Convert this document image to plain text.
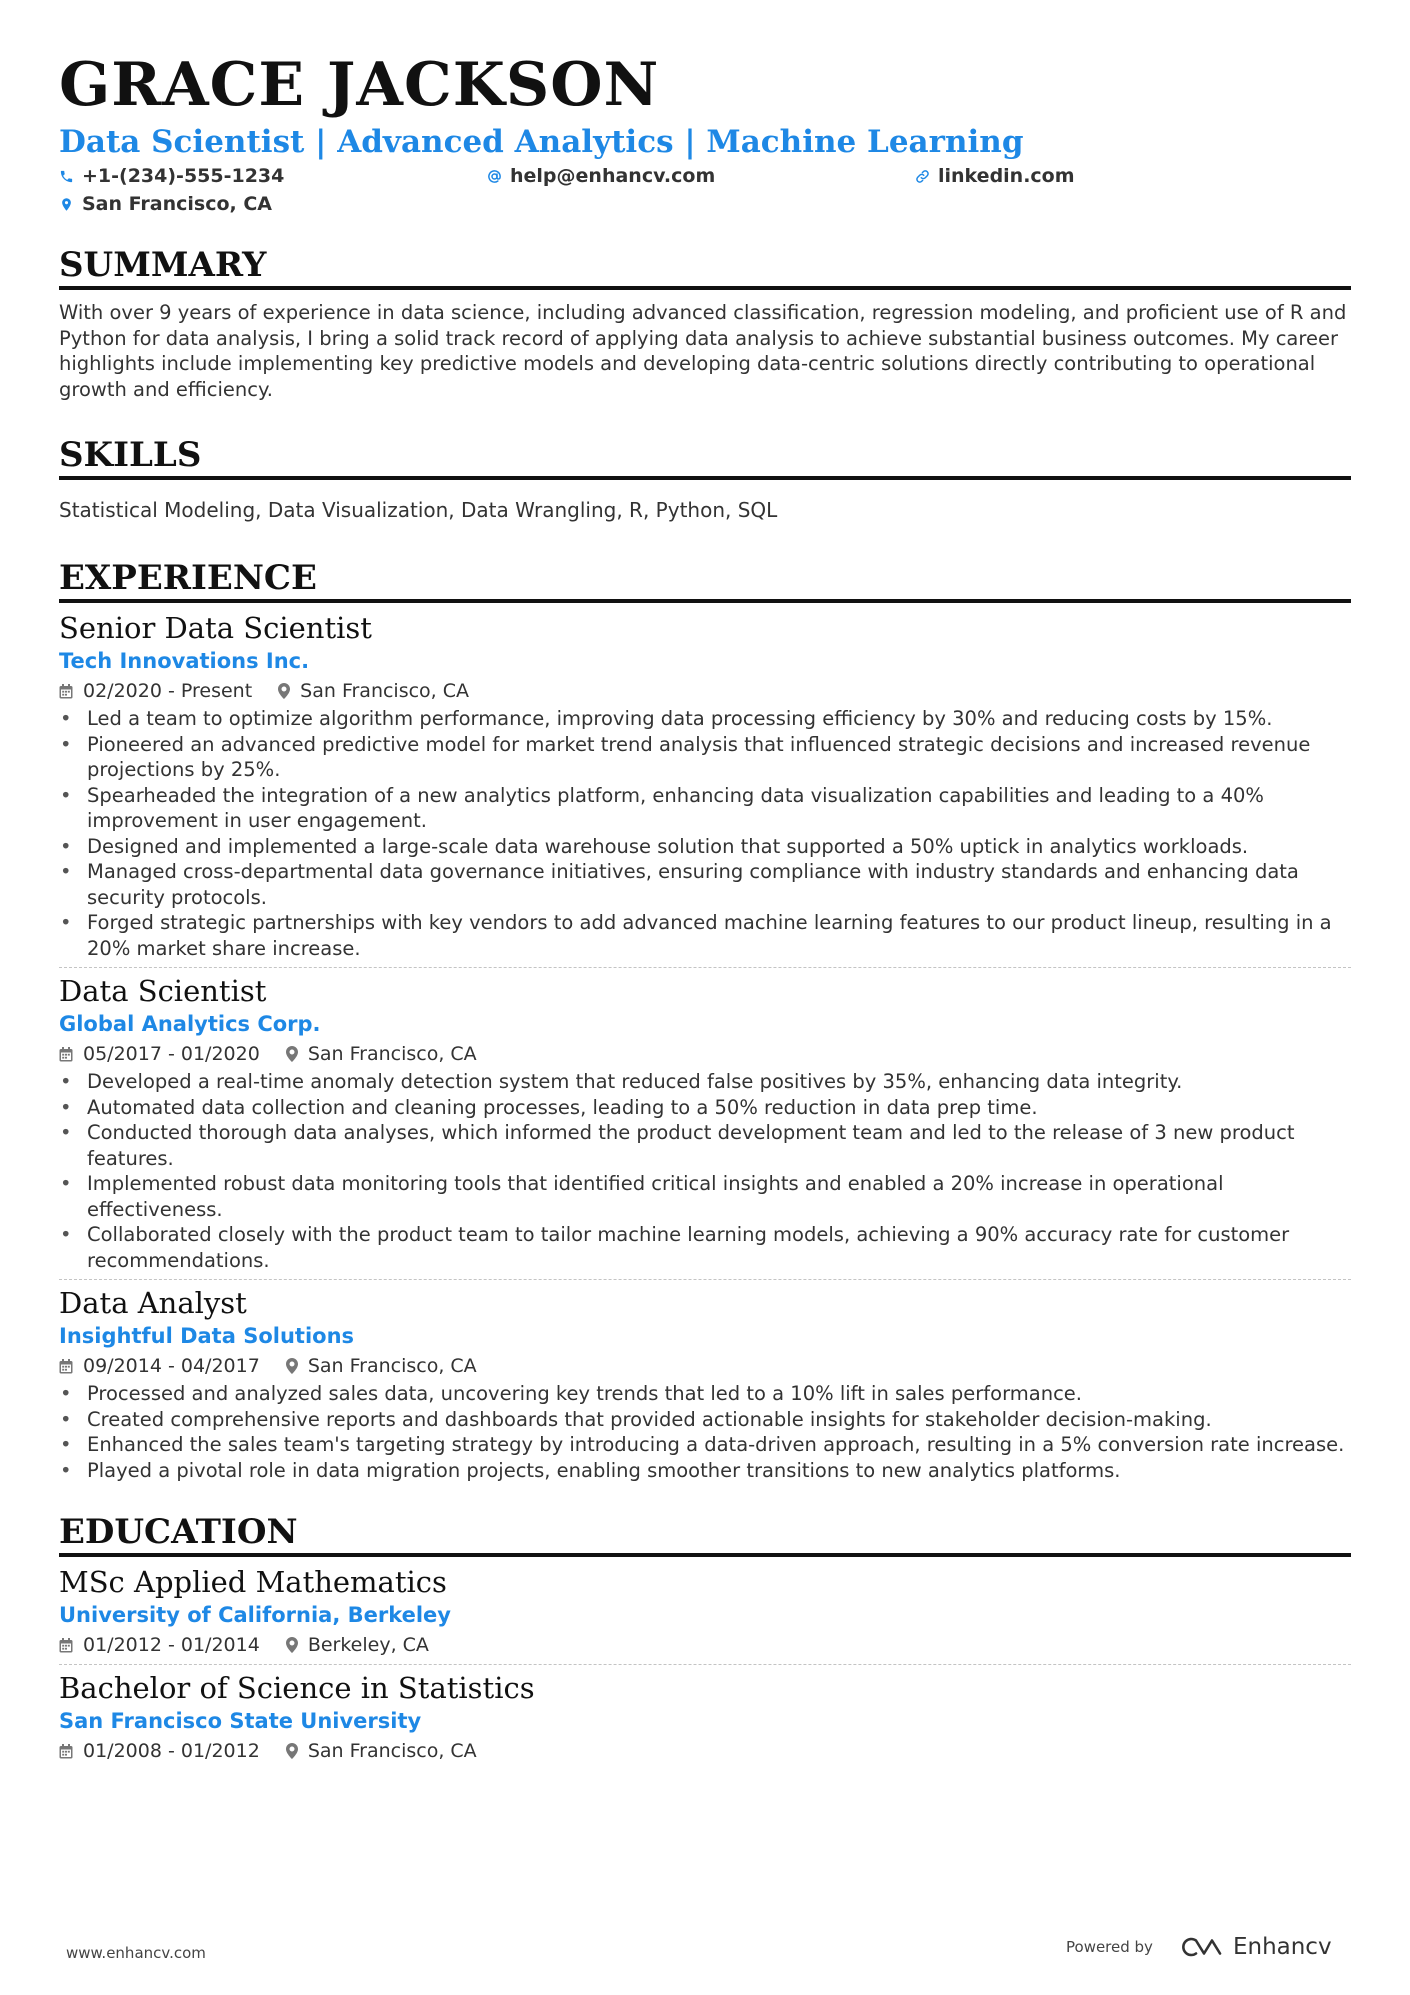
GRACE JACKSON
Data Scientist | Advanced Analytics | Machine Learning
+1-(234)-555-1234	help@enhancv.com	linkedin.com
San Francisco, CA
SUMMARY

With over 9 years of experience in data science, including advanced classification, regression modeling, and proficient use of R and Python for data analysis, I bring a solid track record of applying data analysis to achieve substantial business outcomes. My career highlights include implementing key predictive models and developing data-centric solutions directly contributing to operational growth and efficiency.

SKILLS

Statistical Modeling, Data Visualization, Data Wrangling, R, Python, SQL

EXPERIENCE
Senior Data Scientist
Tech Innovations Inc.
02/2020 - Present	San Francisco, CA
• Led a team to optimize algorithm performance, improving data processing efficiency by 30% and reducing costs by 15%.
• Pioneered an advanced predictive model for market trend analysis that influenced strategic decisions and increased revenue projections by 25%.
• Spearheaded the integration of a new analytics platform, enhancing data visualization capabilities and leading to a 40% improvement in user engagement.
• Designed and implemented a large-scale data warehouse solution that supported a 50% uptick in analytics workloads.
• Managed cross-departmental data governance initiatives, ensuring compliance with industry standards and enhancing data security protocols.
• Forged strategic partnerships with key vendors to add advanced machine learning features to our product lineup, resulting in a 20% market share increase.
Data Scientist
Global Analytics Corp.
05/2017 - 01/2020	San Francisco, CA
• Developed a real-time anomaly detection system that reduced false positives by 35%, enhancing data integrity.
• Automated data collection and cleaning processes, leading to a 50% reduction in data prep time.
• Conducted thorough data analyses, which informed the product development team and led to the release of 3 new product features.
• Implemented robust data monitoring tools that identified critical insights and enabled a 20% increase in operational effectiveness.
• Collaborated closely with the product team to tailor machine learning models, achieving a 90% accuracy rate for customer recommendations.
Data Analyst
Insightful Data Solutions
09/2014 - 04/2017	San Francisco, CA
• Processed and analyzed sales data, uncovering key trends that led to a 10% lift in sales performance.
• Created comprehensive reports and dashboards that provided actionable insights for stakeholder decision-making.
• Enhanced the sales team's targeting strategy by introducing a data-driven approach, resulting in a 5% conversion rate increase.
• Played a pivotal role in data migration projects, enabling smoother transitions to new analytics platforms.
EDUCATION
MSc Applied Mathematics
University of California, Berkeley
01/2012 - 01/2014	Berkeley, CA
Bachelor of Science in Statistics
San Francisco State University
01/2008 - 01/2012	San Francisco, CA
www.enhancv.com	Powered by	Enhancv
